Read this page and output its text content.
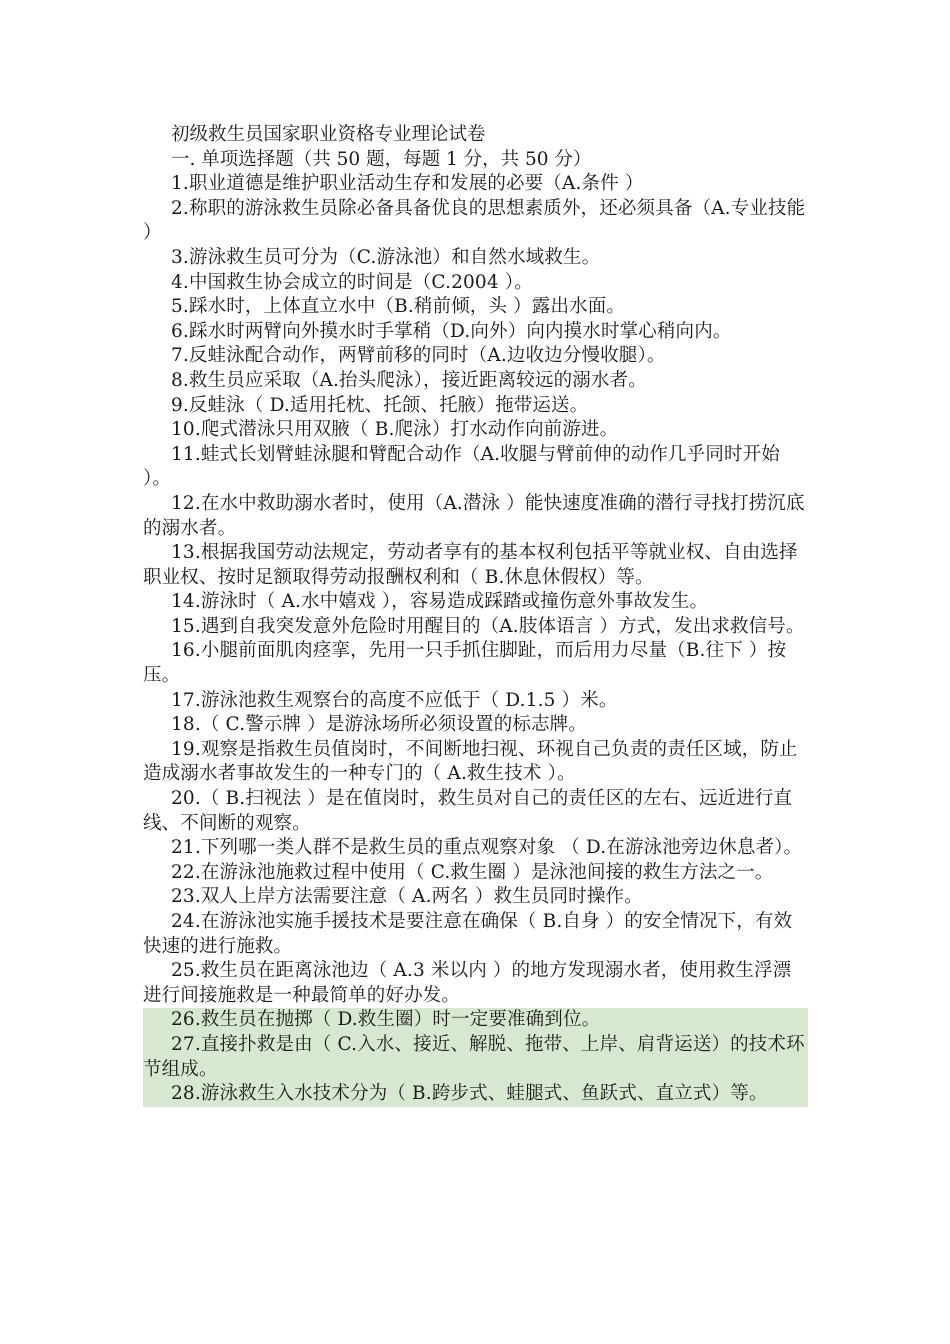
初级救生员国家职业资格专业理论试卷

一. 单项选择题（共 50 题，每题 1 分，共 50 分）

1.职业道德是维护职业活动生存和发展的必要（A.条件 ）

2.称职的游泳救生员除必备具备优良的思想素质外，还必须具备（A.专业技能 ）

3.游泳救生员可分为（C.游泳池）和自然水域救生。

4.中国救生协会成立的时间是（C.2004 ）。

5.踩水时，上体直立水中（B.稍前倾，头 ）露出水面。

6.踩水时两臂向外摸水时手掌稍（D.向外）向内摸水时掌心稍向内。

7.反蛙泳配合动作，两臂前移的同时（A.边收边分慢收腿）。

8.救生员应采取（A.抬头爬泳），接近距离较远的溺水者。

9.反蛙泳（ D.适用托枕、托颌、托腋）拖带运送。

10.爬式潜泳只用双腋（ B.爬泳）打水动作向前游进。

11.蛙式长划臂蛙泳腿和臂配合动作（A.收腿与臂前伸的动作几乎同时开始 ）。

12.在水中救助溺水者时，使用（A.潜泳 ）能快速度准确的潜行寻找打捞沉底的溺水者。

13.根据我国劳动法规定，劳动者享有的基本权利包括平等就业权、自由选择职业权、按时足额取得劳动报酬权利和（ B.休息休假权）等。

14.游泳时（ A.水中嬉戏 ），容易造成踩踏或撞伤意外事故发生。

15.遇到自我突发意外危险时用醒目的（A.肢体语言 ）方式，发出求救信号。

16.小腿前面肌肉痉挛，先用一只手抓住脚趾，而后用力尽量（B.往下 ）按压。

17.游泳池救生观察台的高度不应低于（ D.1.5 ）米。

18.（ C.警示牌 ）是游泳场所必须设置的标志牌。

19.观察是指救生员值岗时，不间断地扫视、环视自己负责的责任区域，防止造成溺水者事故发生的一种专门的（ A.救生技术 ）。

20.（ B.扫视法 ）是在值岗时，救生员对自己的责任区的左右、远近进行直线、不间断的观察。

21.下列哪一类人群不是救生员的重点观察对象 （ D.在游泳池旁边休息者）。

22.在游泳池施救过程中使用（ C.救生圈 ）是泳池间接的救生方法之一。

23.双人上岸方法需要注意（ A.两名 ）救生员同时操作。

24.在游泳池实施手援技术是要注意在确保（ B.自身 ）的安全情况下，有效快速的进行施救。

25.救生员在距离泳池边（ A.3 米以内 ）的地方发现溺水者，使用救生浮漂进行间接施救是一种最简单的好办发。

26.救生员在抛掷（ D.救生圈）时一定要准确到位。

27.直接扑救是由（ C.入水、接近、解脱、拖带、上岸、肩背运送）的技术环节组成。

28.游泳救生入水技术分为（ B.跨步式、蛙腿式、鱼跃式、直立式）等。
